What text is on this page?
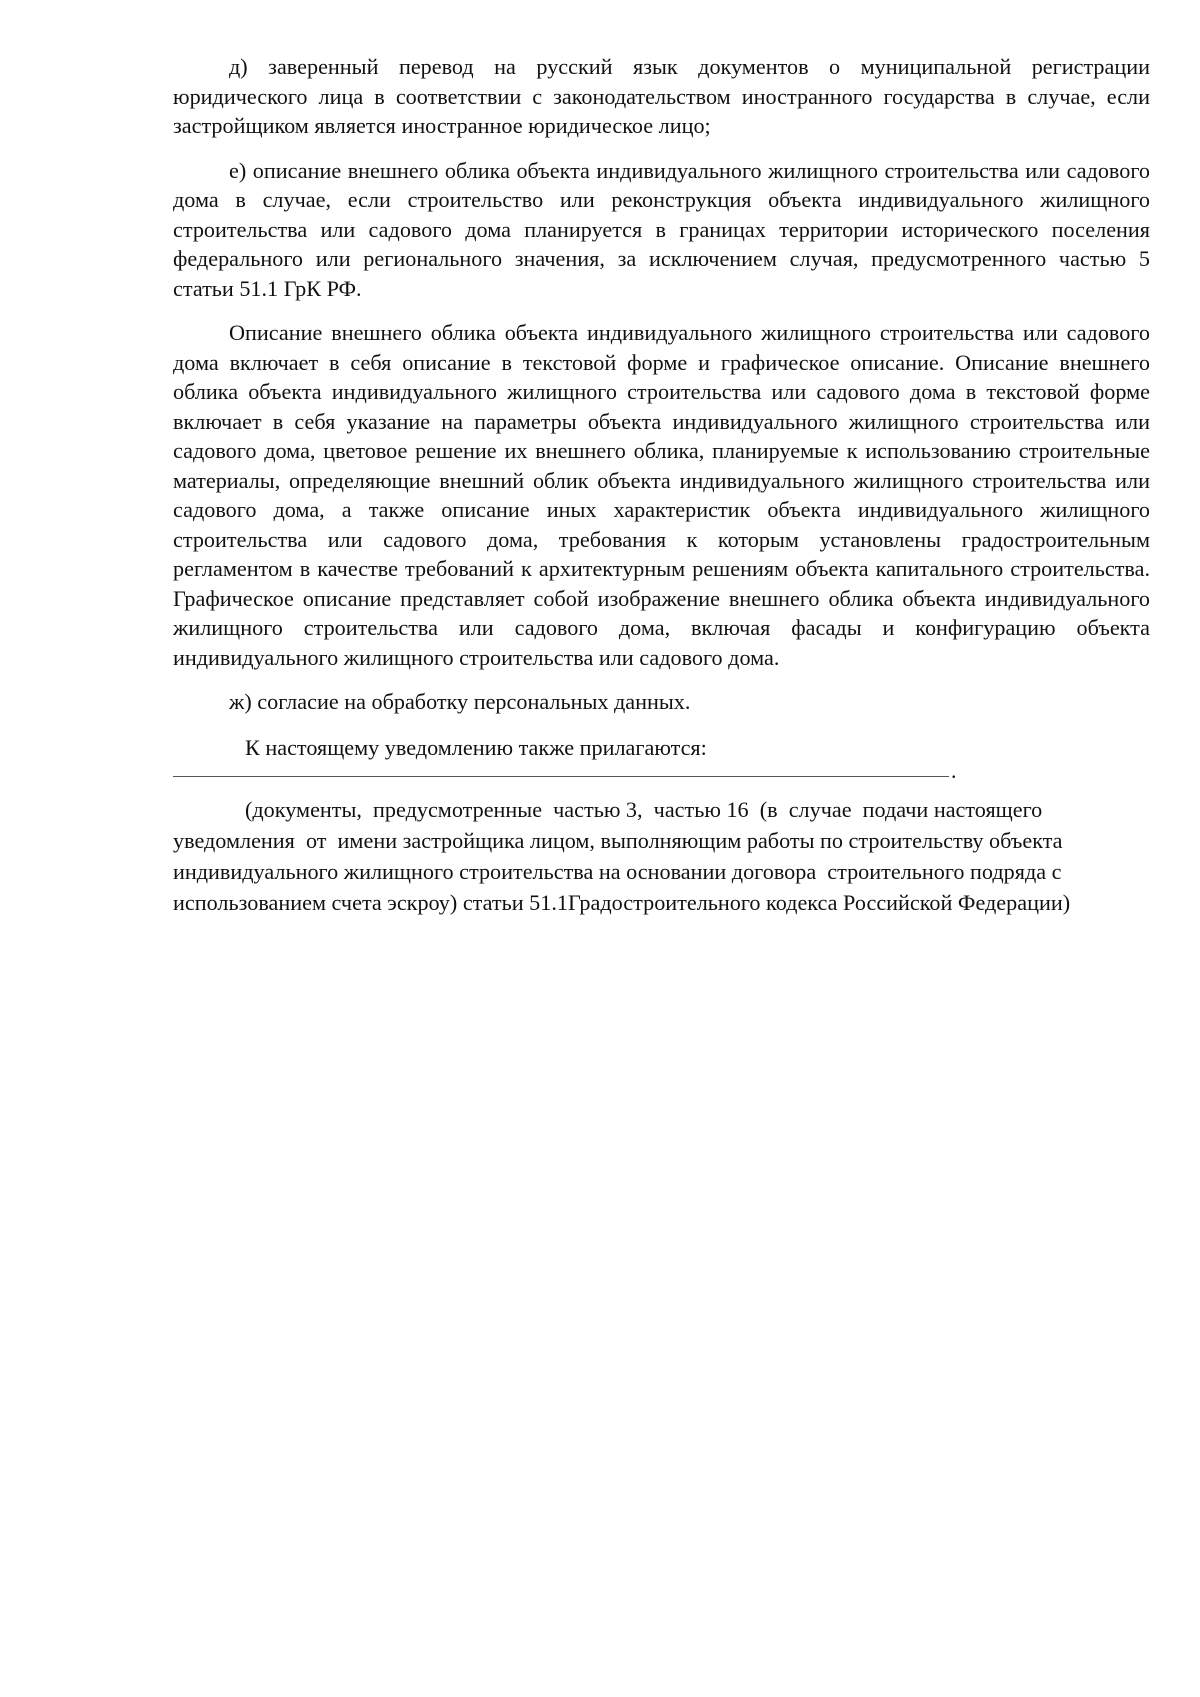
д) заверенный перевод на русский язык документов о муниципальной регистрации юридического лица в соответствии с законодательством иностранного государства в случае, если застройщиком является иностранное юридическое лицо;

е) описание внешнего облика объекта индивидуального жилищного строительства или садового дома в случае, если строительство или реконструкция объекта индивидуального жилищного строительства или садового дома планируется в границах территории исторического поселения федерального или регионального значения, за исключением случая, предусмотренного частью 5 статьи 51.1 ГрК РФ.

Описание внешнего облика объекта индивидуального жилищного строительства или садового дома включает в себя описание в текстовой форме и графическое описание. Описание внешнего облика объекта индивидуального жилищного строительства или садового дома в текстовой форме включает в себя указание на параметры объекта индивидуального жилищного строительства или садового дома, цветовое решение их внешнего облика, планируемые к использованию строительные материалы, определяющие внешний облик объекта индивидуального жилищного строительства или садового дома, а также описание иных характеристик объекта индивидуального жилищного строительства или садового дома, требования к которым установлены градостроительным регламентом в качестве требований к архитектурным решениям объекта капитального строительства. Графическое описание представляет собой изображение внешнего облика объекта индивидуального жилищного строительства или садового дома, включая фасады и конфигурацию объекта индивидуального жилищного строительства или садового дома.

ж) согласие на обработку персональных данных.

К настоящему уведомлению также прилагаются:

.

(документы,  предусмотренные  частью 3,  частью 16  (в  случае  подачи настоящего уведомления  от  имени застройщика лицом, выполняющим работы по строительству объекта индивидуального жилищного строительства на основании договора  строительного подряда с использованием счета эскроу) статьи 51.1Градостроительного кодекса Российской Федерации)
